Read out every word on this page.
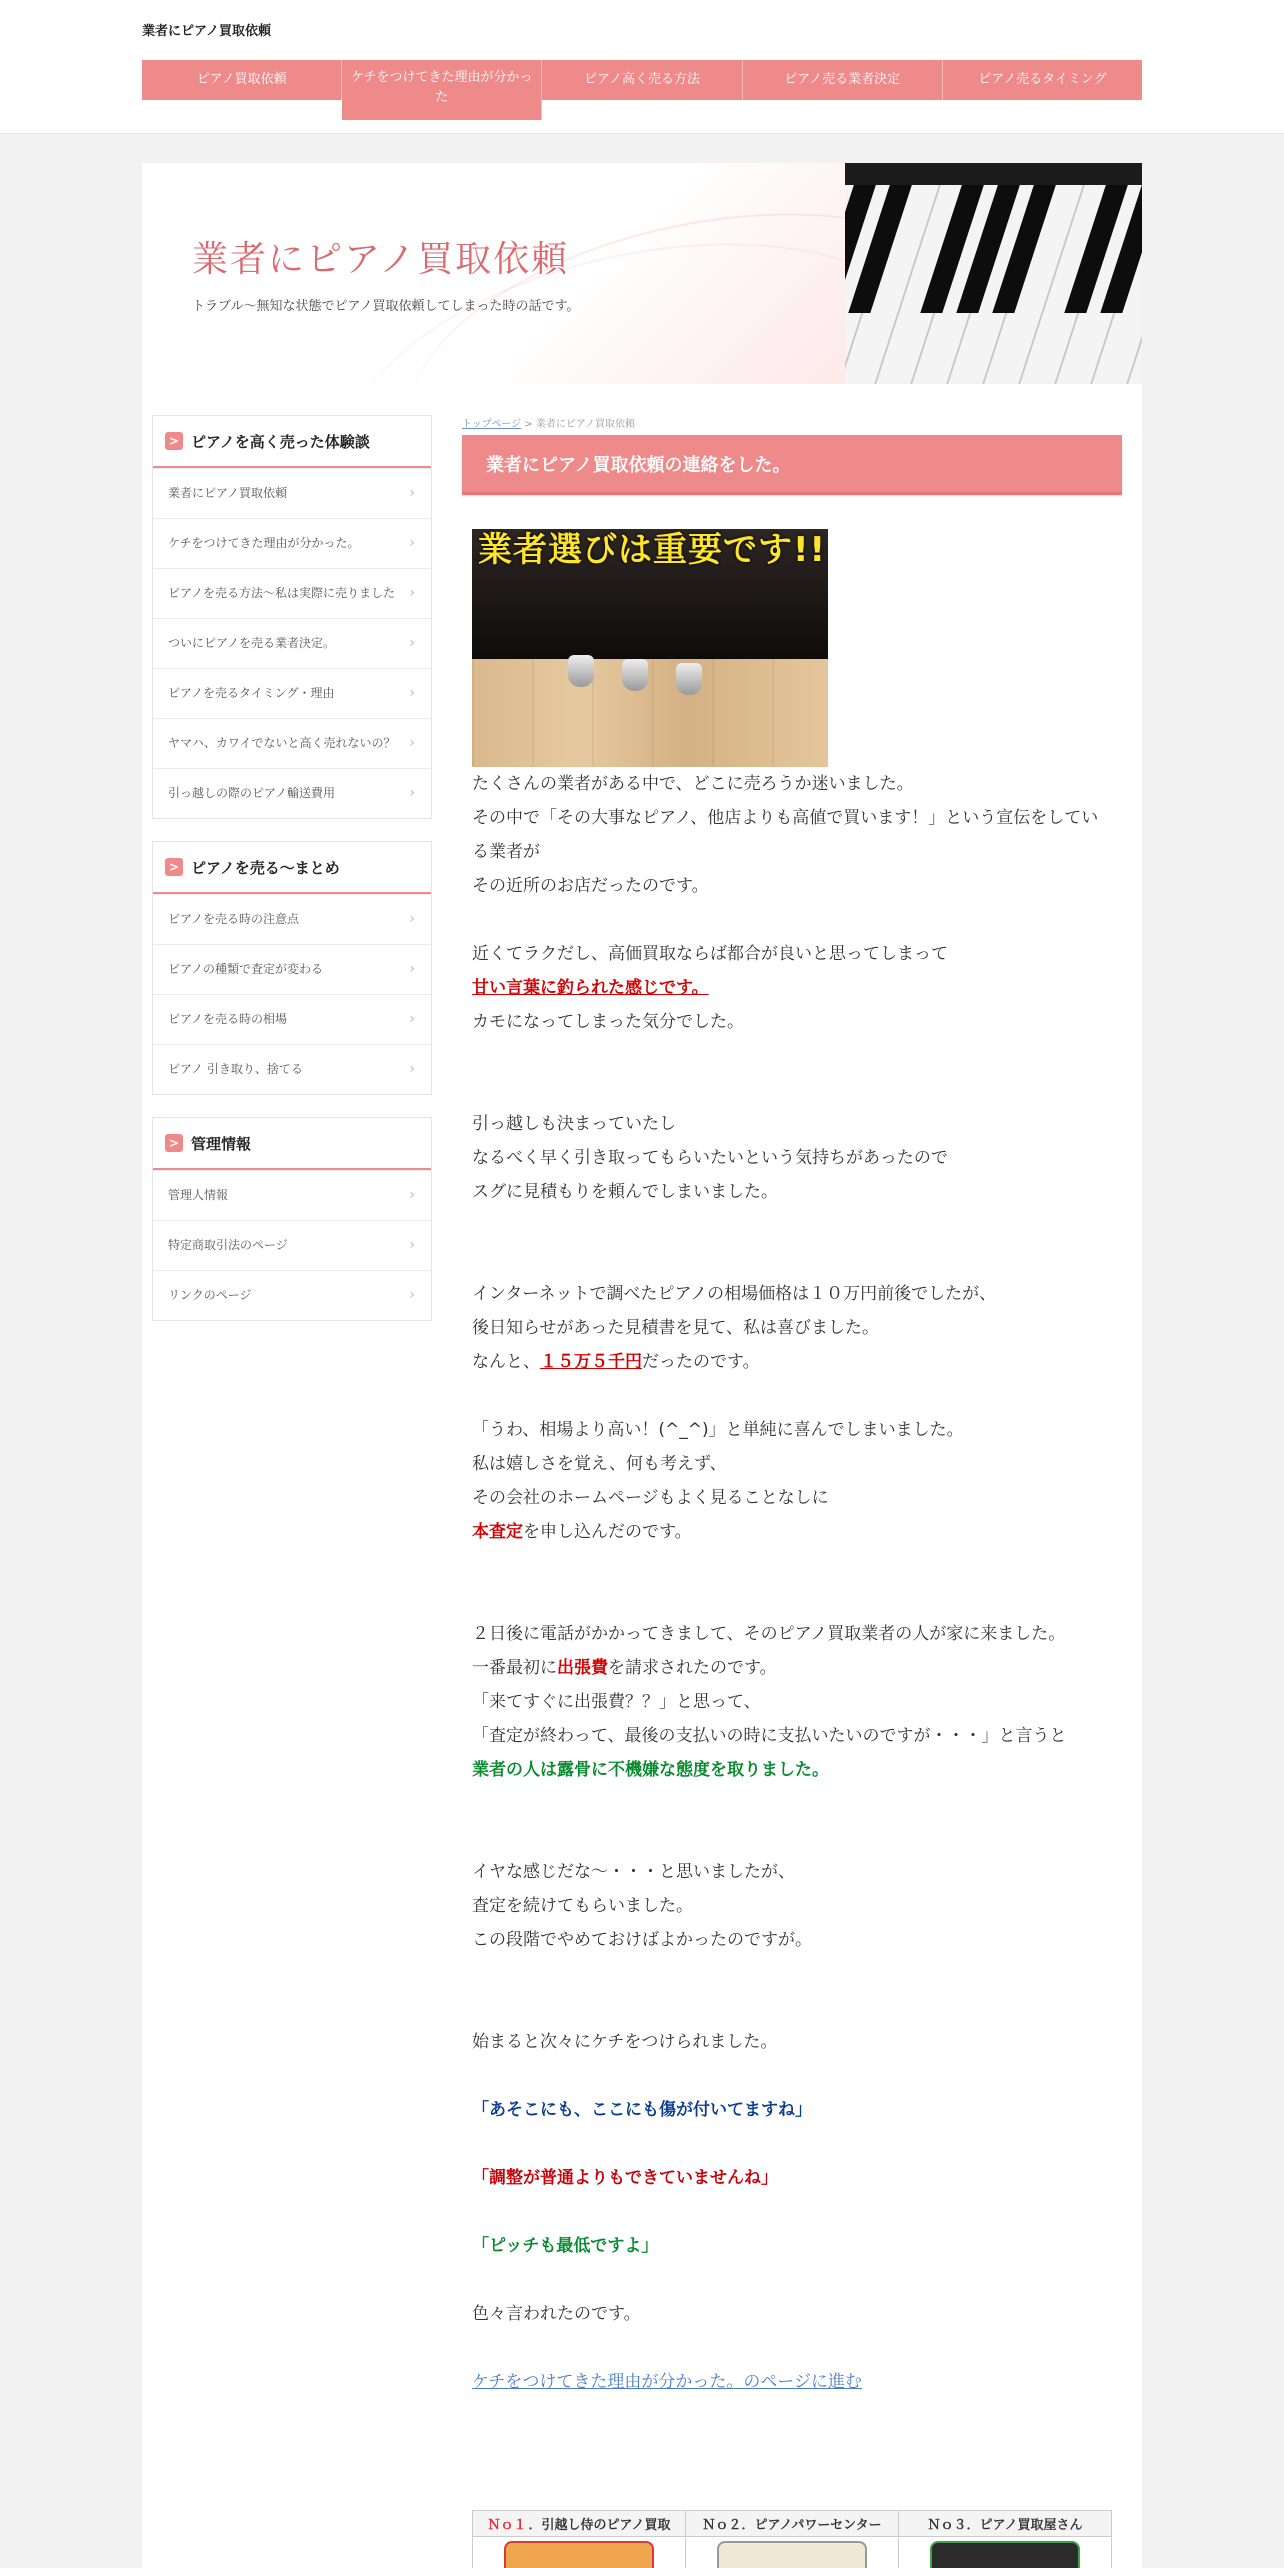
業者にピアノ買取依頼
ピアノ買取依頼	ケチをつけてきた理由が分かった
ピアノ高く売る方法	ピアノ売る業者決定	ピアノ売るタイミング
業者にピアノ買取依頼
トラブル～無知な状態でピアノ買取依頼してしまった時の話です。
> ピアノを高く売った体験談
業者にピアノ買取依頼	›
ケチをつけてきた理由が分かった。	›
ピアノを売る方法～私は実際に売りました ›
ついにピアノを売る業者決定。	›
ピアノを売るタイミング・理由	›
ヤマハ、カワイでないと高く売れないの？ ›
引っ越しの際のピアノ輸送費用	›
> ピアノを売る～まとめ
ピアノを売る時の注意点	›
ピアノの種類で査定が変わる	›
ピアノを売る時の相場	›
ピアノ 引き取り、捨てる	›
> 管理情報
管理人情報	›
特定商取引法のページ	›
リンクのページ	›
トップページ > 業者にピアノ買取依頼
業者にピアノ買取依頼の連絡をした。
業者選びは重要です!!

たくさんの業者がある中で、どこに売ろうか迷いました。

その中で「その大事なピアノ、他店よりも高値で買います！」という宣伝をしている業者が

その近所のお店だったのです。

近くてラクだし、高価買取ならば都合が良いと思ってしまって

甘い言葉に釣られた感じです。

カモになってしまった気分でした。

引っ越しも決まっていたし

なるべく早く引き取ってもらいたいという気持ちがあったので

スグに見積もりを頼んでしまいました。

インターネットで調べたピアノの相場価格は１０万円前後でしたが、

後日知らせがあった見積書を見て、私は喜びました。

なんと、１５万５千円だったのです。

「うわ、相場より高い！(^_^)」と単純に喜んでしまいました。

私は嬉しさを覚え、何も考えず、

その会社のホームページもよく見ることなしに

本査定を申し込んだのです。

２日後に電話がかかってきまして、そのピアノ買取業者の人が家に来ました。

一番最初に出張費を請求されたのです。

「来てすぐに出張費？？」と思って、

「査定が終わって、最後の支払いの時に支払いたいのですが・・・」と言うと

業者の人は露骨に不機嫌な態度を取りました。

イヤな感じだな～・・・と思いましたが、

査定を続けてもらいました。

この段階でやめておけばよかったのですが。

始まると次々にケチをつけられました。

「あそこにも、ここにも傷が付いてますね」

「調整が普通よりもできていませんね」

「ピッチも最低ですよ」

色々言われたのです。

ケチをつけてきた理由が分かった。のページに進む

Ｎｏ１ ．引越し侍のピアノ買取 Ｎｏ２ ．ピアノパワーセンター	Ｎｏ３ ．ピアノ買取屋さん
